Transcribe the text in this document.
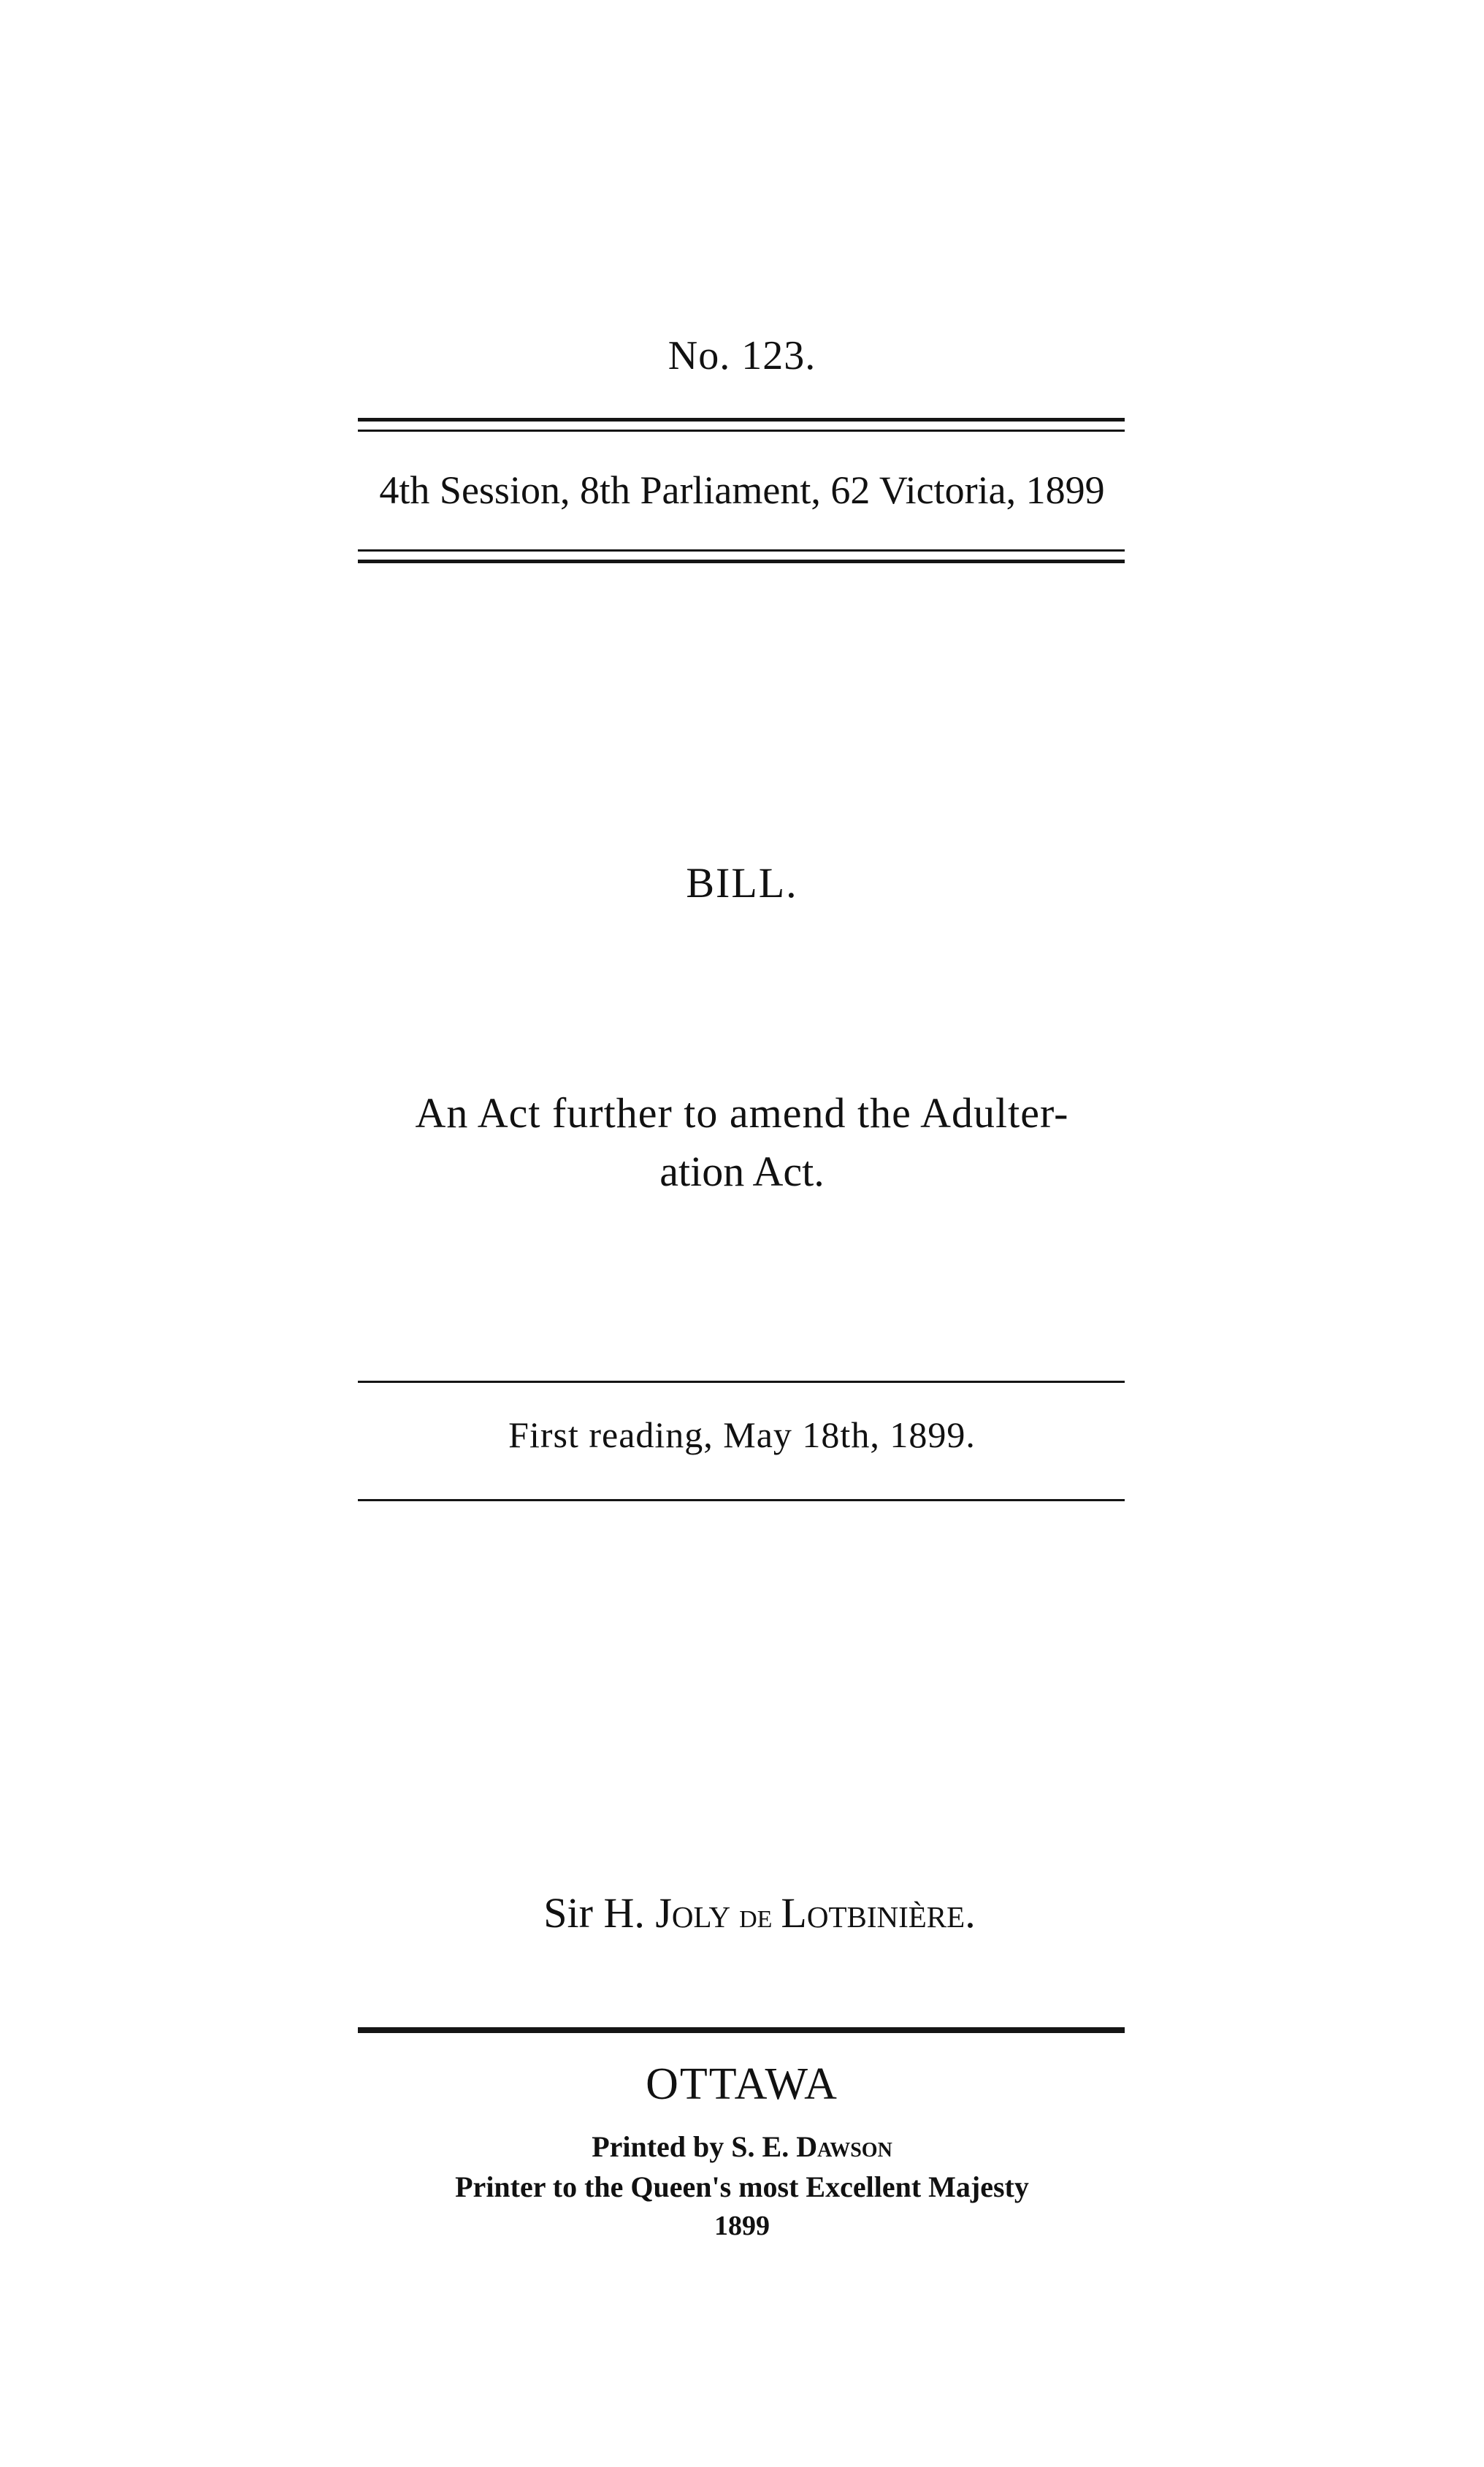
No. 123.
4th Session, 8th Parliament, 62 Victoria, 1899
BILL.
An Act further to amend the Adulter-
ation Act.
First reading, May 18th, 1899.
Sir H. Joly de Lotbinière.
OTTAWA
Printed by S. E. Dawson
Printer to the Queen's most Excellent Majesty
1899
